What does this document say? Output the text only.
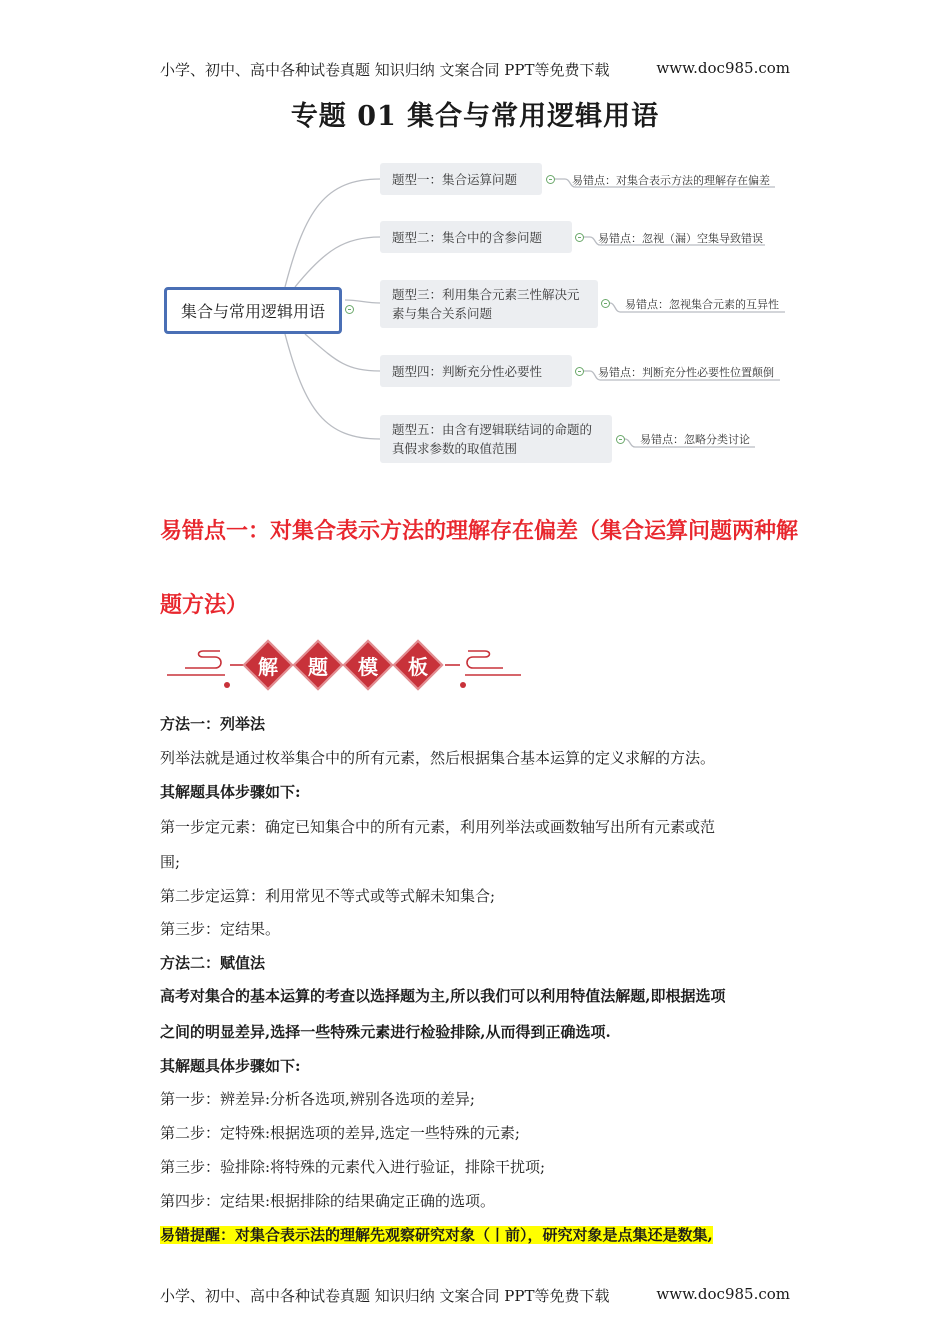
小学、初中、高中各种试卷真题 知识归纳 文案合同 PPT等免费下载	www.doc985.com
专题 01 集合与常用逻辑用语
集合与常用逻辑用语
题型一：集合运算问题	易错点：对集合表示方法的理解存在偏差
题型二：集合中的含参问题	易错点：忽视（漏）空集导致错误
题型三：利用集合元素三性解决元素与集合关系问题
易错点：忽视集合元素的互异性
题型四：判断充分性必要性	易错点：判断充分性必要性位置颠倒
题型五：由含有逻辑联结词的命题的真假求参数的取值范围
易错点：忽略分类讨论
易错点一：对集合表示方法的理解存在偏差（集合运算问题两种解题方法）
解	题	模	板
方法一：列举法
列举法就是通过枚举集合中的所有元素，然后根据集合基本运算的定义求解的方法。
其解题具体步骤如下:
第一步定元素：确定已知集合中的所有元素，利用列举法或画数轴写出所有元素或范
围;
第二步定运算：利用常见不等式或等式解未知集合;
第三步：定结果。
方法二：赋值法
高考对集合的基本运算的考查以选择题为主,所以我们可以利用特值法解题,即根据选项
之间的明显差异,选择一些特殊元素进行检验排除,从而得到正确选项.
其解题具体步骤如下:
第一步：辨差异:分析各选项,辨别各选项的差异;
第二步：定特殊:根据选项的差异,选定一些特殊的元素;
第三步：验排除:将特殊的元素代入进行验证，排除干扰项;
第四步：定结果:根据排除的结果确定正确的选项。
易错提醒：对集合表示法的理解先观察研究对象（丨前），研究对象是点集还是数集,
小学、初中、高中各种试卷真题 知识归纳 文案合同 PPT等免费下载	www.doc985.com
